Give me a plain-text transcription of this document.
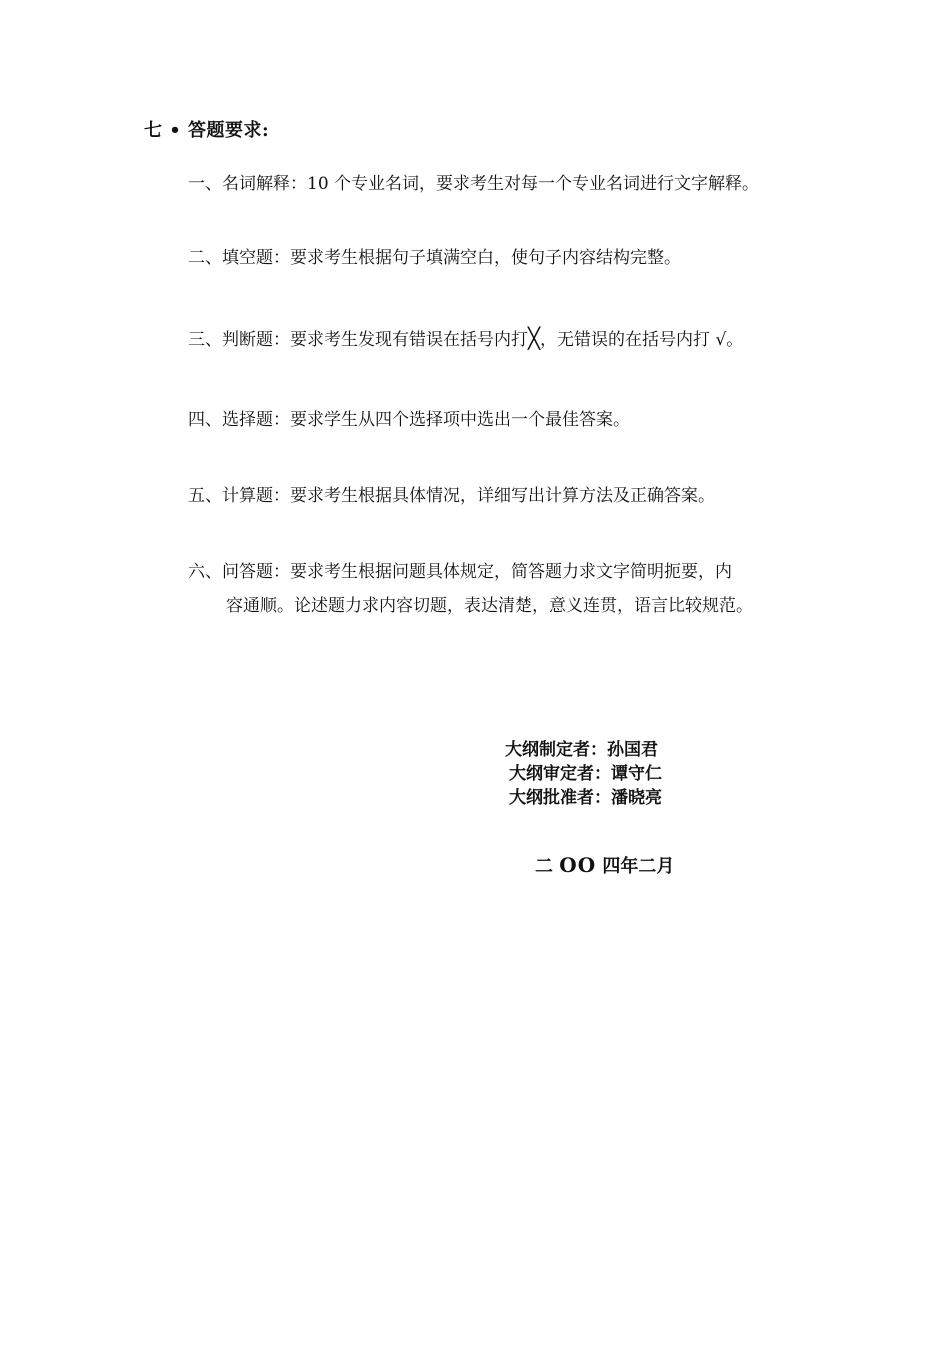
七 • 答题要求:
一、名词解释：10 个专业名词，要求考生对每一个专业名词进行文字解释。
二、填空题：要求考生根据句子填满空白，使句子内容结构完整。
三、判断题：要求考生发现有错误在括号内打╳，无错误的在括号内打 √。
四、选择题：要求学生从四个选择项中选出一个最佳答案。
五、计算题：要求考生根据具体情况，详细写出计算方法及正确答案。
六、问答题：要求考生根据问题具体规定，简答题力求文字简明扼要，内
容通顺。论述题力求内容切题，表达清楚，意义连贯，语言比较规范。
大纲制定者：孙国君
大纲审定者：谭守仁
大纲批准者：潘晓亮
二 OO 四年二月
